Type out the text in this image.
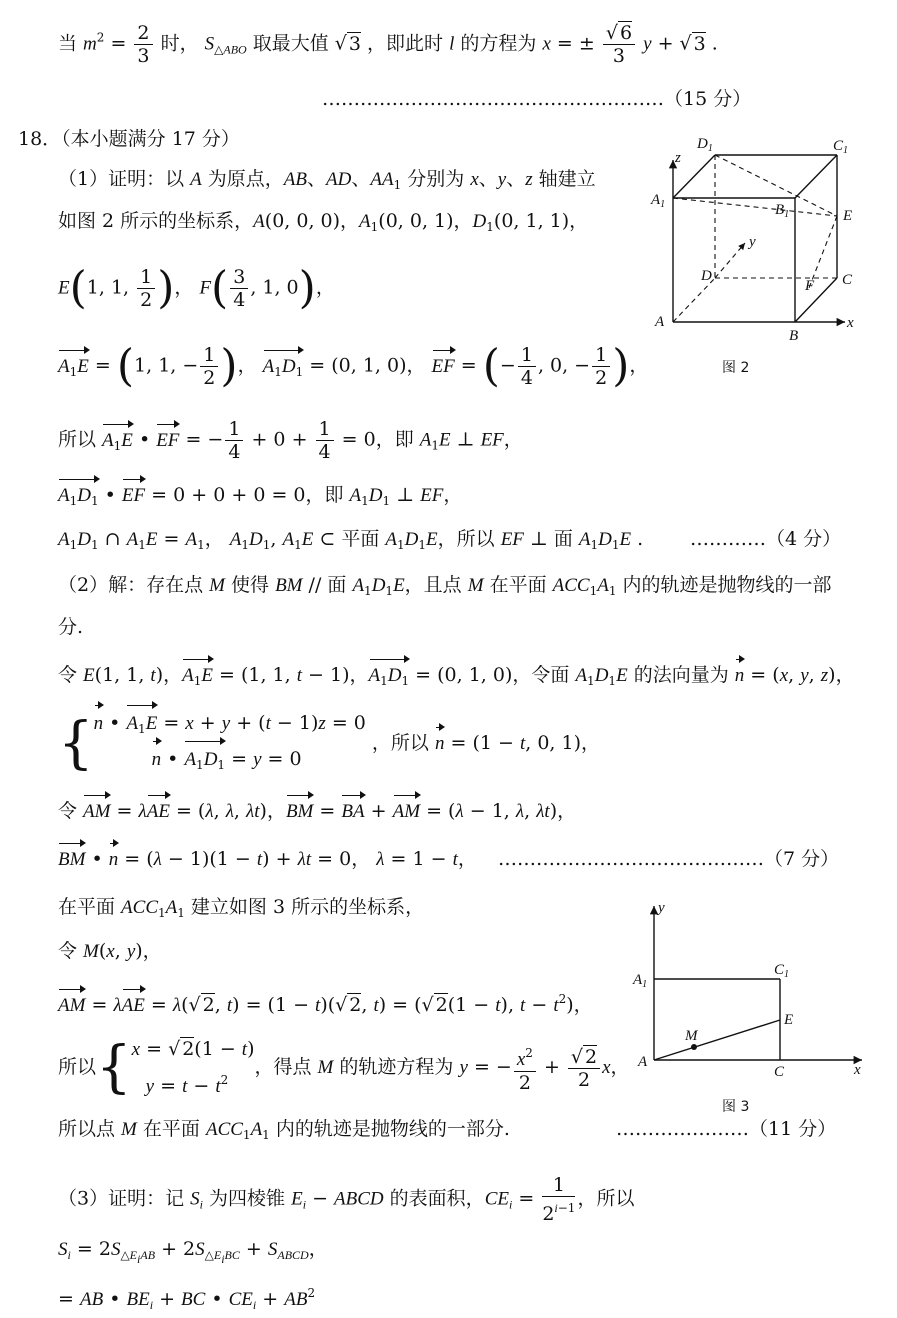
当 $m^2 = \frac{2}{3}$ 时， $S_{\triangle ABO}$ 取最大值 √ 3 ，即此时 l 的方程为 x = ± $\frac{√ 6}{3}$ y + √ 3 .
………………………………………………（15 分）
18．（本小题满分 17 分）
（1）证明：以 A 为原点，AB、AD、$AA_1$ 分别为 x、y、z 轴建立
如图 2 所示的坐标系，A(0, 0, 0)，$A_1(0$, 0, 1)，$D_1(0$, 1, 1)，
E(1, 1, $\frac{1}{2}$ )， $F( \frac{3}{4}$ , 1, 0)，
$A_1E = (1$, 1, − $\frac{1}{2}$ )， $A_1D_1 = (0$, 1, 0)， EF = (− $\frac{1}{4}$ , 0, − $\frac{1}{2}$ )，
所以 $A_1E$ • EF = − $\frac{1}{4} + 0 + \frac{1}{4} = 0$，即 $A_1E$ ⊥ EF，
$A_1D_1$ • EF = 0 + 0 + 0 = 0，即 $A_1D_1$ ⊥ EF，
$A_1D_1$ ∩ $A_1E = A_1$， $A_1D_1$, $A_1E$ ⊂ 平面 $A_1D_1E$，所以 EF ⊥ 面 $A_1D_1E$ . …………（4 分）
（2）解：存在点 M 使得 BM // 面 $A_1D_1E$，且点 M 在平面 $ACC_1A_1$ 内的轨迹是抛物线的一部
分.
令 E(1, 1, t)，$A_1E = (1$, 1, t − 1)，$A_1D_1 = (0$, 1, 0)，令面 $A_1D_1E$ 的法向量为 n = (x, y, z)，
{ n • $A_1E = x + y + (t - 1)z = 0$
n • $A_1D_1 = y = 0$
，所以 n = (1 − t, 0, 1)，
令 AM = λAE = (λ, λ, λt)，BM = BA + AM = (λ − 1, λ, λt)，
BM • n = (λ − 1)(1 − t) + λt = 0， λ = 1 − t， ……………………………………（7 分）
在平面 $ACC_1A_1$ 建立如图 3 所示的坐标系，
令 M(x, y)，
AM = λAE = λ(√ 2, t) = (1 − t)(√ 2, t) = (√ 2(1 − t), $t - t^2$)，
所以{ x = √ 2(1 − t)
$y = t - t^2$
，得点 M 的轨迹方程为 y = − $\frac{x^2}{2} + \frac{√ 2}{2}$ x，
所以点 M 在平面 $ACC_1A_1$ 内的轨迹是抛物线的一部分.	…………………（11 分）
（3）证明：记 $S_i$ 为四棱锥 $E_i$ − ABCD 的表面积，$CE_i = \frac{1}{2^{i-1}}$ ，所以
$S_i = 2S_{\triangle E_iAB} + 2S_{\triangle E_iBC} + S_{ABCD}$，
= AB • $BE_i$ + BC • $CE_i + AB^2$
$D_1$	$C_1$
$A_1$	$B_1$	E
D
F C
A
B
x
y
z
图 2
y
$A_1$
$C_1$
E
M
A
C	x
图 3
